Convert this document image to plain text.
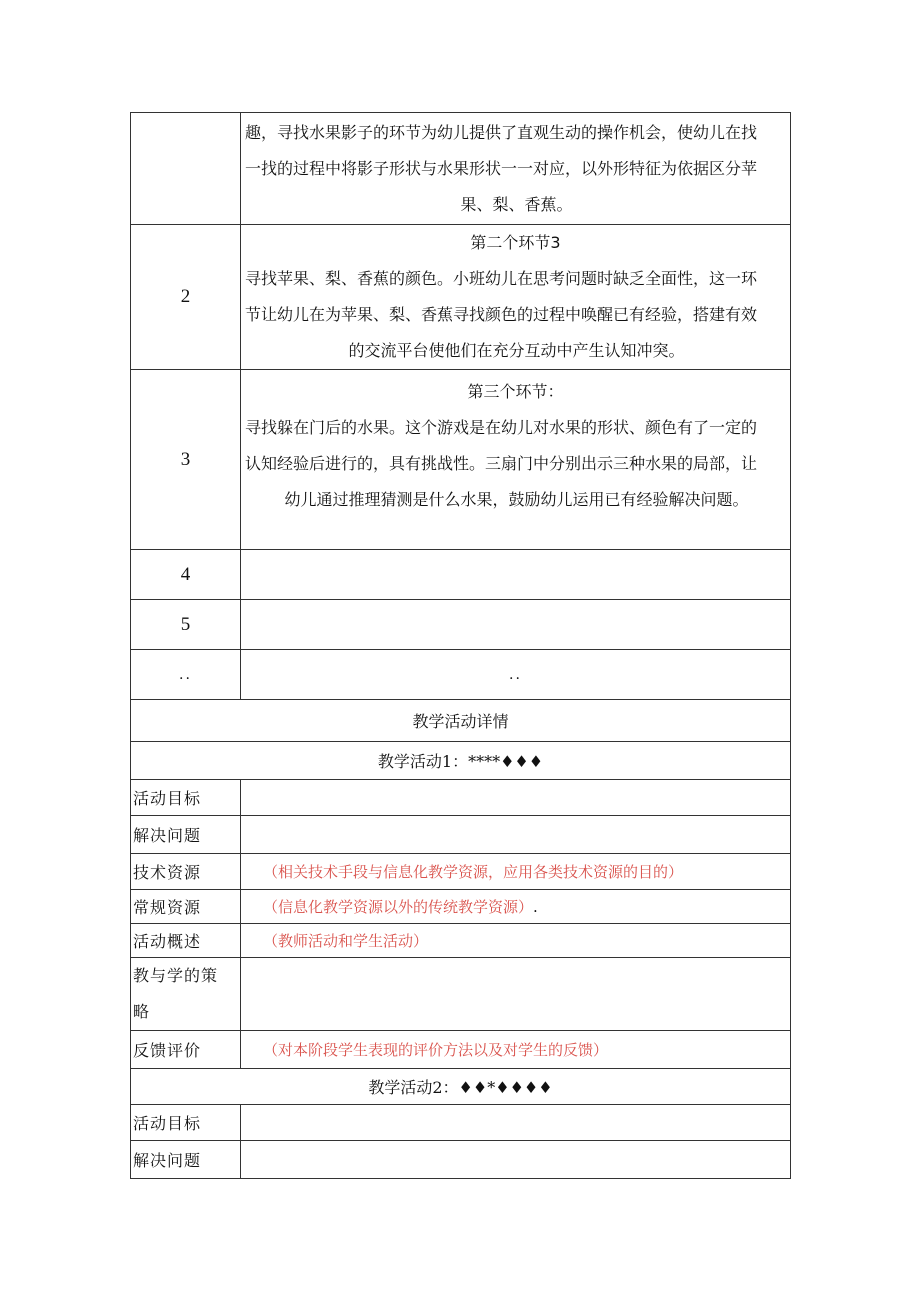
	趣，寻找水果影子的环节为幼儿提供了直观生动的操作机会，使幼儿在找

一找的过程中将影子形状与水果形状一一对应，以外形特征为依据区分苹

果、梨、香蕉。

2	第二个环节3

寻找苹果、梨、香蕉的颜色。小班幼儿在思考问题时缺乏全面性，这一环

节让幼儿在为苹果、梨、香蕉寻找颜色的过程中唤醒已有经验，搭建有效

的交流平台使他们在充分互动中产生认知冲突。

3	第三个环节：

寻找躲在门后的水果。这个游戏是在幼儿对水果的形状、颜色有了一定的

认知经验后进行的，具有挑战性。三扇门中分别出示三种水果的局部，让

幼儿通过推理猜测是什么水果，鼓励幼儿运用已有经验解决问题。

4	
5	
..	..
教学活动详情	
教学活动1：****♦♦♦	
活动目标	
解决问题	
技术资源	（相关技术手段与信息化教学资源，应用各类技术资源的目的）
常规资源	（信息化教学资源以外的传统教学资源）.
活动概述	（教师活动和学生活动）

教与学的策
略	

反馈评价	（对本阶段学生表现的评价方法以及对学生的反馈）
教学活动2：♦♦*♦♦♦♦	
活动目标	
解决问题	
